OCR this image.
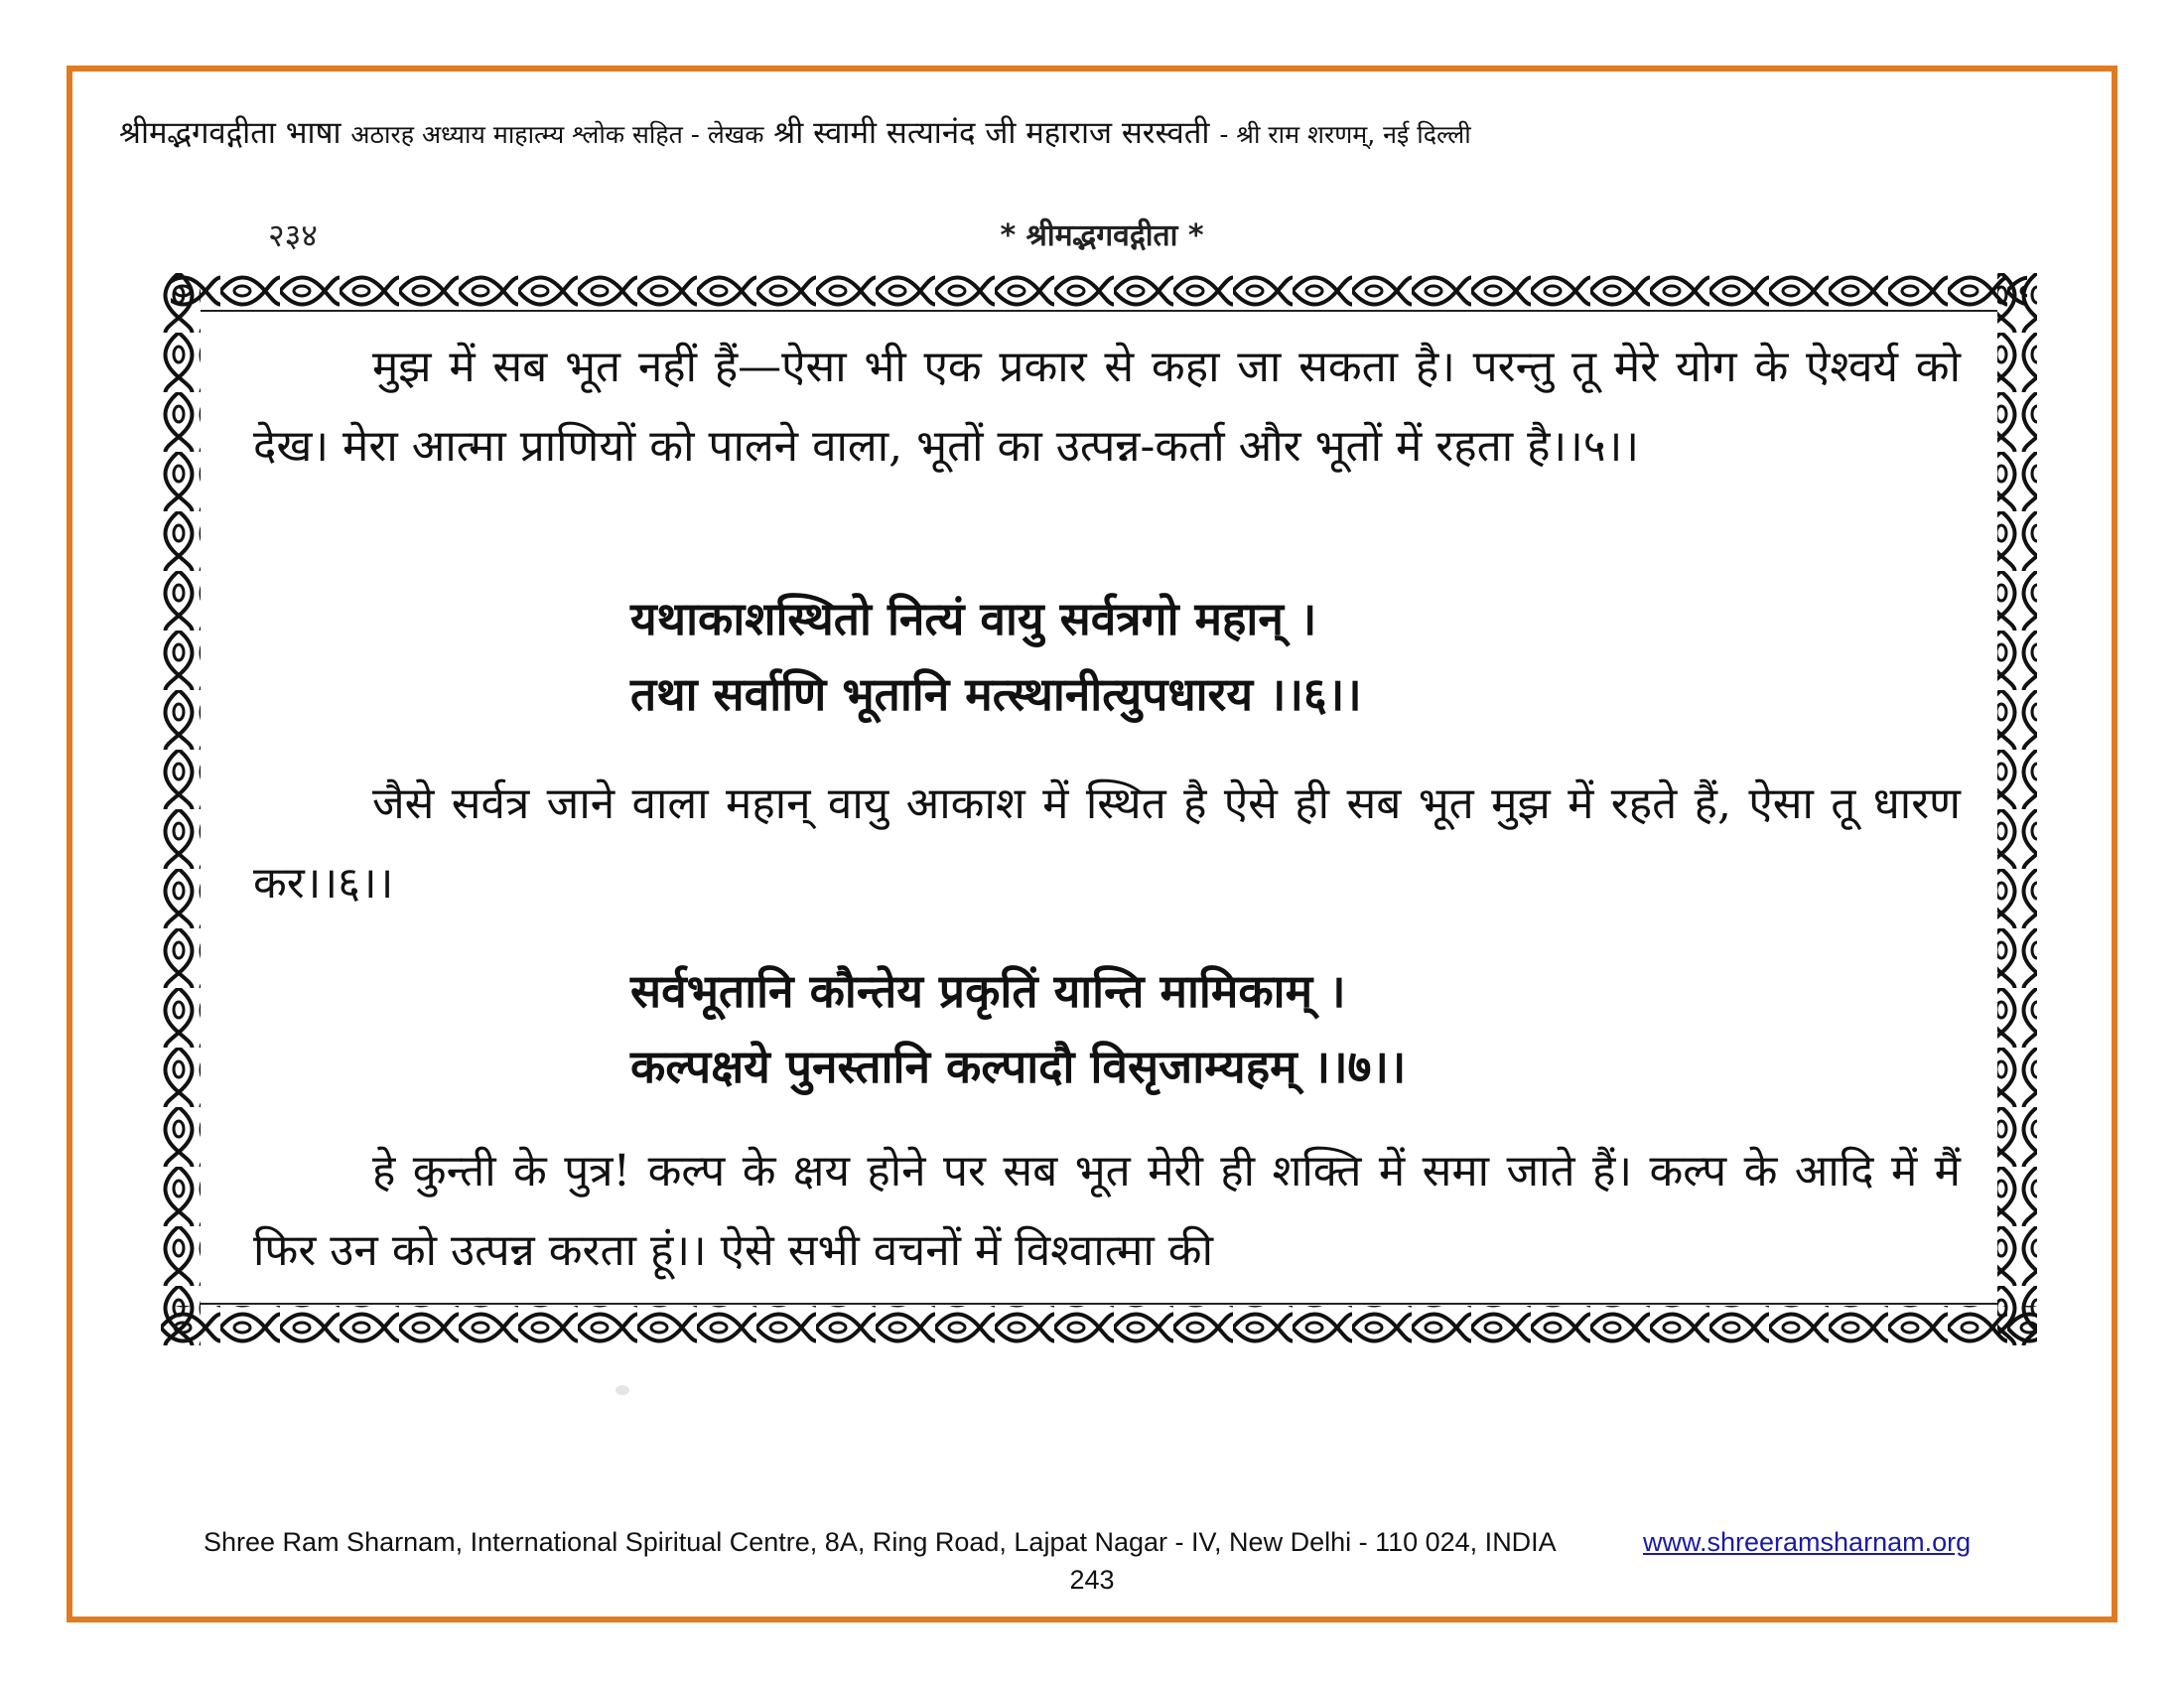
श्रीमद्भगवद्गीता भाषा अठारह अध्याय माहात्म्य श्लोक सहित - लेखक श्री स्वामी सत्यानंद जी महाराज सरस्वती - श्री राम शरणम्, नई दिल्ली
२३४	* श्रीमद्भगवद्गीता *
मुझ में सब भूत नहीं हैं—ऐसा भी एक प्रकार से कहा जा सकता है। परन्तु तू मेरे योग के ऐश्वर्य को देख। मेरा आत्मा प्राणियों को पालने वाला, भूतों का उत्पन्न-कर्ता और भूतों में रहता है।।५।।
यथाकाशस्थितो नित्यं वायु सर्वत्रगो महान् ।
तथा सर्वाणि भूतानि मत्स्थानीत्युपधारय ।।६।।
जैसे सर्वत्र जाने वाला महान् वायु आकाश में स्थित है ऐसे ही सब भूत मुझ में रहते हैं, ऐसा तू धारण कर।।६।।
सर्वभूतानि कौन्तेय प्रकृतिं यान्ति मामिकाम् ।
कल्पक्षये पुनस्तानि कल्पादौ विसृजाम्यहम् ।।७।।
हे कुन्ती के पुत्र! कल्प के क्षय होने पर सब भूत मेरी ही शक्ति में समा जाते हैं। कल्प के आदि में मैं फिर उन को उत्पन्न करता हूं।। ऐसे सभी वचनों में विश्वात्मा की
Shree Ram Sharnam, International Spiritual Centre, 8A, Ring Road, Lajpat Nagar - IV, New Delhi - 110 024, INDIA	www.shreeramsharnam.org
243
